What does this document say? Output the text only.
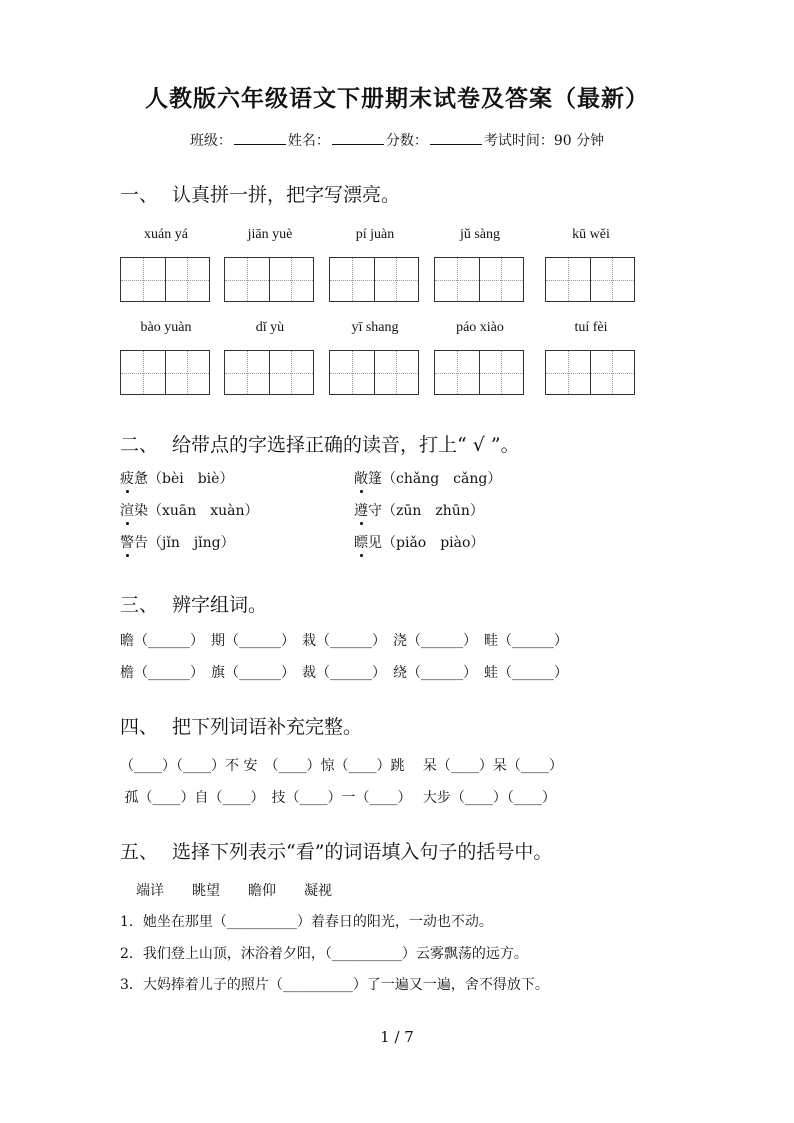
人教版六年级语文下册期末试卷及答案（最新）
班级：	姓名：	分数：	考试时间：90 分钟
一、 认真拼一拼，把字写漂亮。
xuán yá	jiān yuè	pí juàn	jǔ sàng	kū wěi
bào yuàn	dǐ yù	yī shang	páo xiào	tuí fèi
二、 给带点的字选择正确的读音，打上“ √ ”。
疲惫（bèi　biè）	敞篷（chǎng　cǎng）
渲染（xuān　xuàn）	遵守（zūn　zhūn）
警告（jǐn　jǐng）	瞟见（piǎo　piào）
三、 辨字组词。
瞻（______）　期（______）　栽（______）　浇（______）　畦（______）
檐（______）　旗（______）　裁（______）　绕（______）　蛙（______）
四、 把下列词语补充完整。
（____）（____）不 安　（____）惊（____）跳　 呆（____）呆（____）
孤（____）自（____）　技（____）一（____）　 大步（____）（____）
五、 选择下列表示“看”的词语填入句子的括号中。
端详　　眺望　　瞻仰　　凝视
1．她坐在那里（__________）着春日的阳光，一动也不动。
2．我们登上山顶，沐浴着夕阳，（__________）云雾飘荡的远方。
3．大妈捧着儿子的照片（__________）了一遍又一遍，舍不得放下。
1 / 7
